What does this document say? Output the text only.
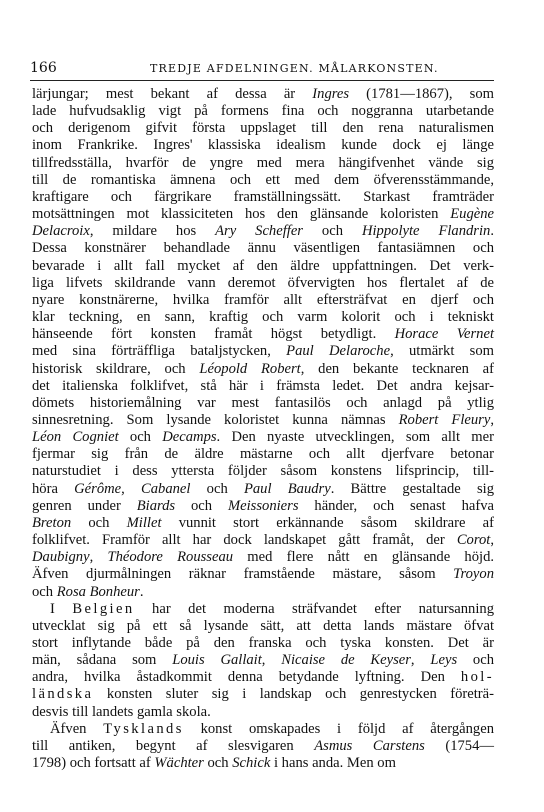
166	TREDJE AFDELNINGEN. MÅLARKONSTEN.

lärjungar; mest bekant af dessa är Ingres (1781—1867), som
lade hufvudsaklig vigt på formens fina och noggranna utarbetande
och derigenom gifvit första uppslaget till den rena naturalismen
inom Frankrike. Ingres' klassiska idealism kunde dock ej länge
tillfredsställa, hvarför de yngre med mera hängifvenhet vände sig
till de romantiska ämnena och ett med dem öfverensstämmande,
kraftigare och färgrikare framställningssätt. Starkast framträder
motsättningen mot klassiciteten hos den glänsande koloristen Eugène
Delacroix, mildare hos Ary Scheffer och Hippolyte Flandrin.
Dessa konstnärer behandlade ännu väsentligen fantasiämnen och
bevarade i allt fall mycket af den äldre uppfattningen. Det verk-
liga lifvets skildrande vann deremot öfvervigten hos flertalet af de
nyare konstnärerne, hvilka framför allt eftersträfvat en djerf och
klar teckning, en sann, kraftig och varm kolorit och i tekniskt
hänseende fört konsten framåt högst betydligt. Horace Vernet
med sina förträffliga bataljstycken, Paul Delaroche, utmärkt som
historisk skildrare, och Léopold Robert, den bekante tecknaren af
det italienska folklifvet, stå här i främsta ledet. Det andra kejsar-
dömets historiemålning var mest fantasilös och anlagd på ytlig
sinnesretning. Som lysande koloristet kunna nämnas Robert Fleury,
Léon Cogniet och Decamps. Den nyaste utvecklingen, som allt mer
fjermar sig från de äldre mästarne och allt djerfvare betonar
naturstudiet i dess yttersta följder såsom konstens lifsprincip, till-
höra Gérôme, Cabanel och Paul Baudry. Bättre gestaltade sig
genren under Biards och Meissoniers händer, och senast hafva
Breton och Millet vunnit stort erkännande såsom skildrare af
folklifvet. Framför allt har dock landskapet gått framåt, der Corot,
Daubigny, Théodore Rousseau med flere nått en glänsande höjd.
Äfven djurmålningen räknar framstående mästare, såsom Troyon
och Rosa Bonheur.

I Belgien har det moderna sträfvandet efter natursanning
utvecklat sig på ett så lysande sätt, att detta lands mästare öfvat
stort inflytande både på den franska och tyska konsten. Det är
män, sådana som Louis Gallait, Nicaise de Keyser, Leys och
andra, hvilka åstadkommit denna betydande lyftning. Den hol-
ländska konsten sluter sig i landskap och genrestycken företrä-
desvis till landets gamla skola.

Äfven Tysklands konst omskapades i följd af återgången
till antiken, begynt af slesvigaren Asmus Carstens (1754—
1798) och fortsatt af Wächter och Schick i hans anda. Men om
